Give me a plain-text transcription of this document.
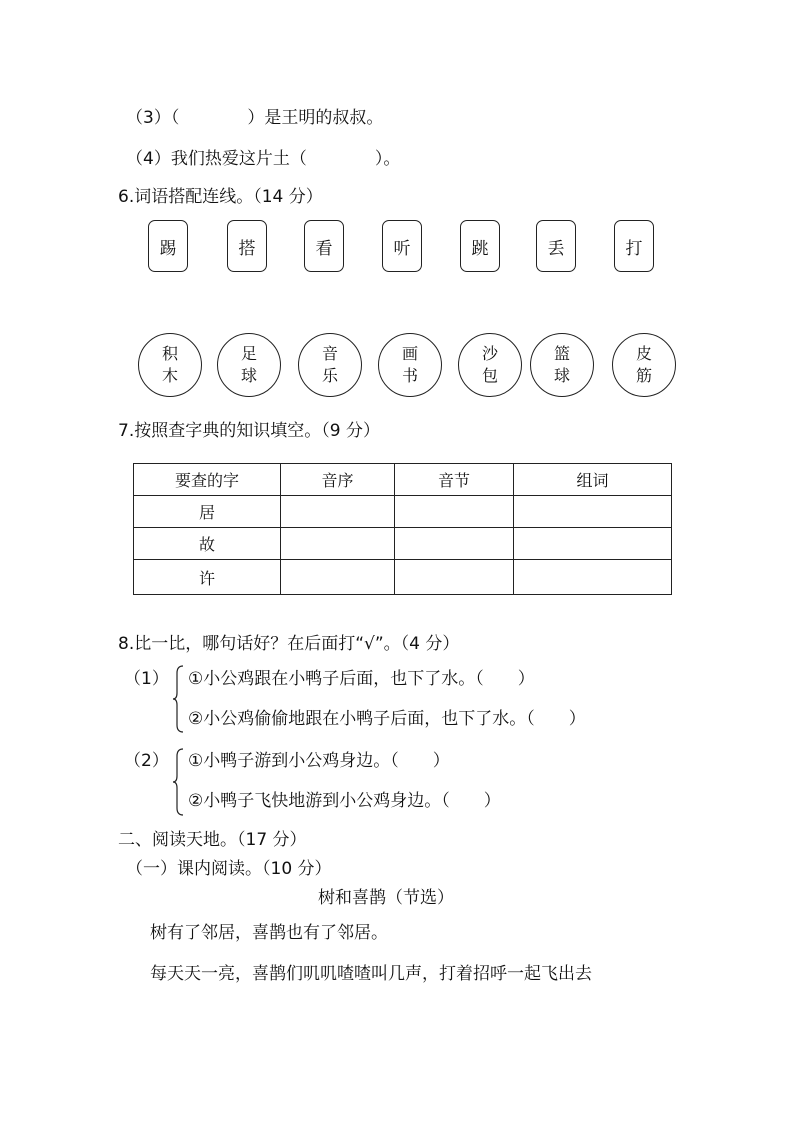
（3）（　　　　）是王明的叔叔。
（4）我们热爱这片土（　　　　）。
6.词语搭配连线。（14 分）
踢	搭	看	听	跳	丢	打
积
木
足
球
音
乐
画
书
沙
包
篮
球
皮
筋
7.按照查字典的知识填空。（9 分）
要查的字	音序	音节	组词
居			
故			
许			
8.比一比，哪句话好？在后面打“√”。（4 分）
（1） ①小公鸡跟在小鸭子后面，也下了水。（　　）
②小公鸡偷偷地跟在小鸭子后面，也下了水。（　　）
（2） ①小鸭子游到小公鸡身边。（　　）
②小鸭子飞快地游到小公鸡身边。（　　）
二、阅读天地。（17 分）
（一）课内阅读。（10 分）
树和喜鹊（节选）
树有了邻居，喜鹊也有了邻居。
每天天一亮，喜鹊们叽叽喳喳叫几声，打着招呼一起飞出去
